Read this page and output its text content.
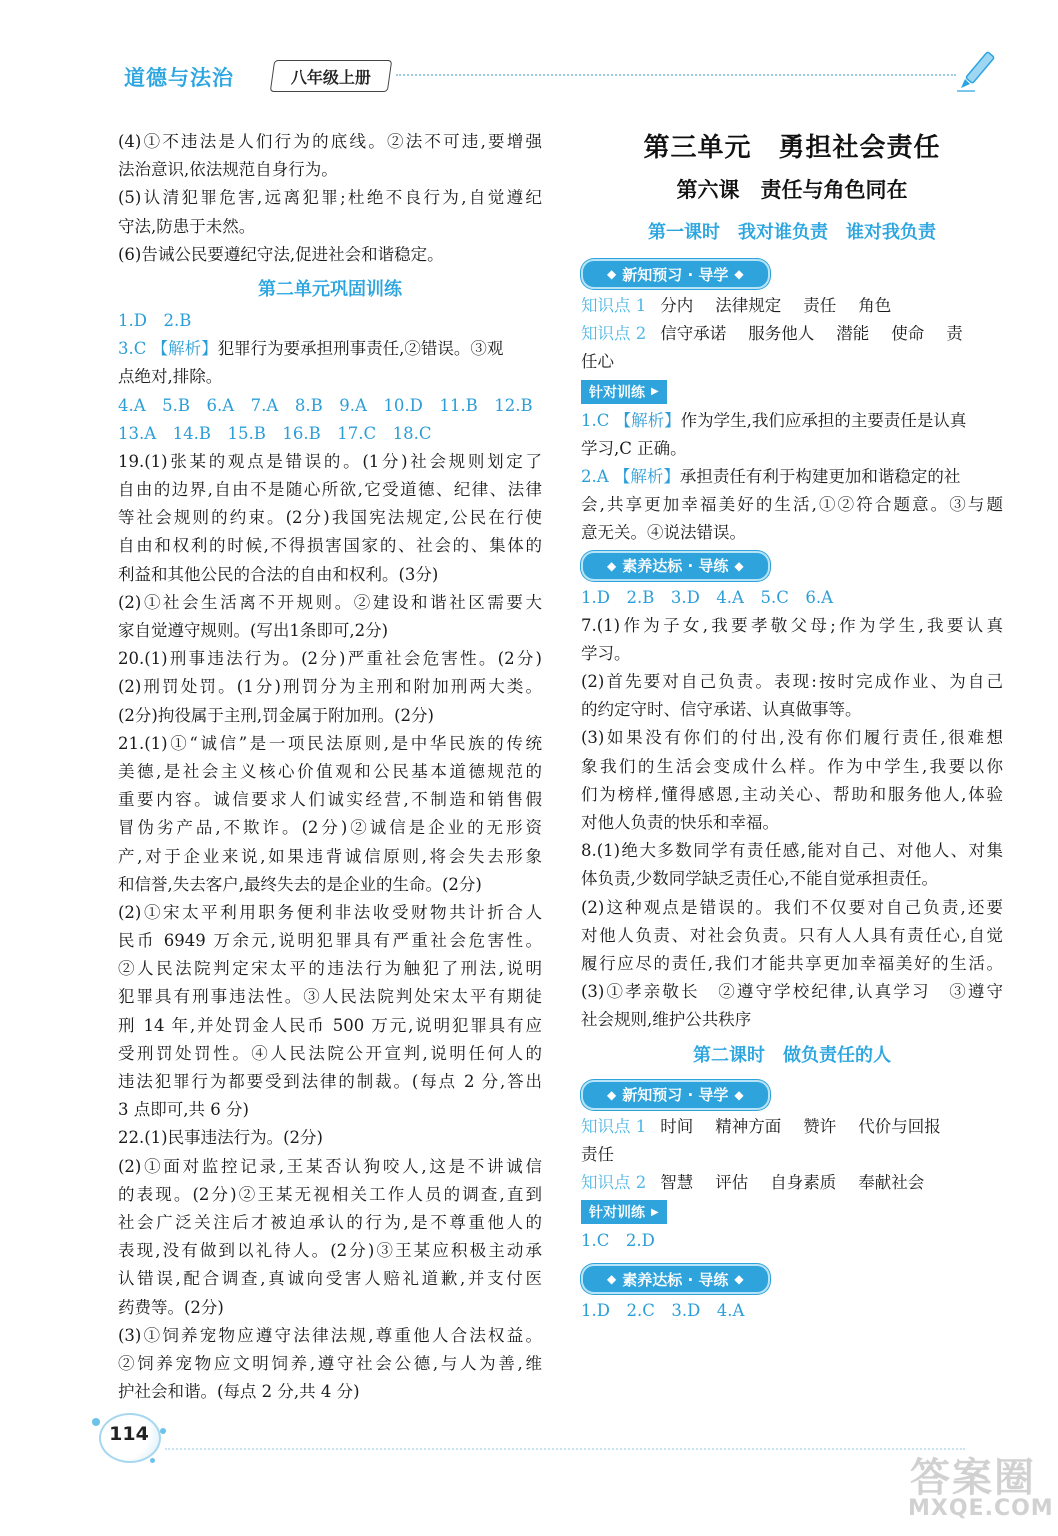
道德与法治	八年级上册
(4)①不违法是人们行为的底线。②法不可违,要增强
法治意识,依法规范自身行为。
(5)认清犯罪危害,远离犯罪;杜绝不良行为,自觉遵纪
守法,防患于未然。
(6)告诫公民要遵纪守法,促进社会和谐稳定。
第二单元巩固训练
1.D　2.B
3.C 【解析】犯罪行为要承担刑事责任,②错误。③观
点绝对,排除。
4.A　5.B　6.A　7.A　8.B　9.A　10.D　11.B　12.B
13.A　14.B　15.B　16.B　17.C　18.C
19.(1)张某的观点是错误的。(1分)社会规则划定了
自由的边界,自由不是随心所欲,它受道德、纪律、法律
等社会规则的约束。(2分)我国宪法规定,公民在行使
自由和权利的时候,不得损害国家的、社会的、集体的
利益和其他公民的合法的自由和权利。(3分)
(2)①社会生活离不开规则。②建设和谐社区需要大
家自觉遵守规则。(写出1条即可,2分)
20.(1)刑事违法行为。(2分)严重社会危害性。(2分)
(2)刑罚处罚。(1分)刑罚分为主刑和附加刑两大类。
(2分)拘役属于主刑,罚金属于附加刑。(2分)
21.(1)①“诚信”是一项民法原则,是中华民族的传统
美德,是社会主义核心价值观和公民基本道德规范的
重要内容。诚信要求人们诚实经营,不制造和销售假
冒伪劣产品,不欺诈。(2分)②诚信是企业的无形资
产,对于企业来说,如果违背诚信原则,将会失去形象
和信誉,失去客户,最终失去的是企业的生命。(2分)
(2)①宋太平利用职务便利非法收受财物共计折合人
民币 6949 万余元,说明犯罪具有严重社会危害性。
②人民法院判定宋太平的违法行为触犯了刑法,说明
犯罪具有刑事违法性。③人民法院判处宋太平有期徒
刑 14 年,并处罚金人民币 500 万元,说明犯罪具有应
受刑罚处罚性。④人民法院公开宣判,说明任何人的
违法犯罪行为都要受到法律的制裁。(每点 2 分,答出
3 点即可,共 6 分)
22.(1)民事违法行为。(2分)
(2)①面对监控记录,王某否认狗咬人,这是不讲诚信
的表现。(2分)②王某无视相关工作人员的调查,直到
社会广泛关注后才被迫承认的行为,是不尊重他人的
表现,没有做到以礼待人。(2分)③王某应积极主动承
认错误,配合调查,真诚向受害人赔礼道歉,并支付医
药费等。(2分)
(3)①饲养宠物应遵守法律法规,尊重他人合法权益。
②饲养宠物应文明饲养,遵守社会公德,与人为善,维
护社会和谐。(每点 2 分,共 4 分)
第三单元　勇担社会责任
第六课　责任与角色同在
第一课时　我对谁负责　谁对我负责
◆ 新知预习 · 导学 ◆
知识点 1 分内 法律规定 责任 角色
知识点 2 信守承诺 服务他人 潜能 使命 责
任心
针对训练 ▶
1.C 【解析】作为学生,我们应承担的主要责任是认真
学习,C 正确。
2.A 【解析】承担责任有利于构建更加和谐稳定的社
会,共享更加幸福美好的生活,①②符合题意。③与题
意无关。④说法错误。
◆ 素养达标 · 导练 ◆
1.D　2.B　3.D　4.A　5.C　6.A
7.(1)作为子女,我要孝敬父母;作为学生,我要认真
学习。
(2)首先要对自己负责。表现:按时完成作业、为自己
的约定守时、信守承诺、认真做事等。
(3)如果没有你们的付出,没有你们履行责任,很难想
象我们的生活会变成什么样。作为中学生,我要以你
们为榜样,懂得感恩,主动关心、帮助和服务他人,体验
对他人负责的快乐和幸福。
8.(1)绝大多数同学有责任感,能对自己、对他人、对集
体负责,少数同学缺乏责任心,不能自觉承担责任。
(2)这种观点是错误的。我们不仅要对自己负责,还要
对他人负责、对社会负责。只有人人具有责任心,自觉
履行应尽的责任,我们才能共享更加幸福美好的生活。
(3)①孝亲敬长　②遵守学校纪律,认真学习　③遵守
社会规则,维护公共秩序
第二课时　做负责任的人
◆ 新知预习 · 导学 ◆
知识点 1 时间 精神方面 赞许 代价与回报
责任
知识点 2 智慧 评估 自身素质 奉献社会
针对训练 ▶
1.C　2.D
◆ 素养达标 · 导练 ◆
1.D　2.C　3.D　4.A
114
答案圈
MXQE.COM
